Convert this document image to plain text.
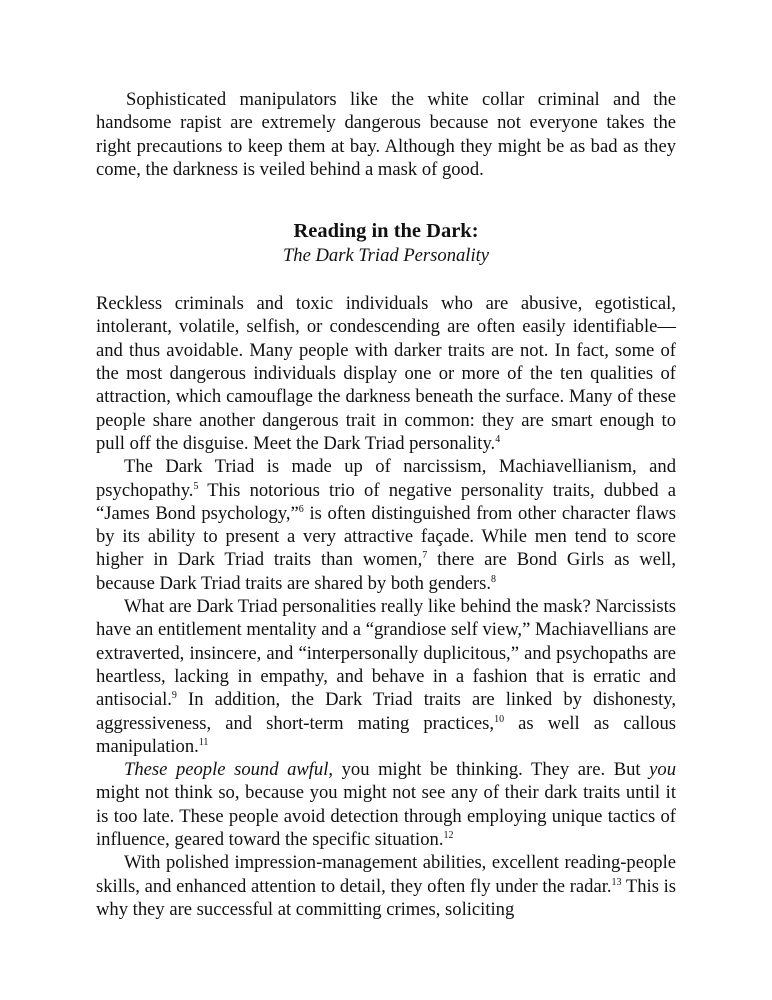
Sophisticated manipulators like the white collar criminal and the handsome rapist are extremely dangerous because not everyone takes the right precautions to keep them at bay. Although they might be as bad as they come, the darkness is veiled behind a mask of good.

Reading in the Dark:
The Dark Triad Personality

Reckless criminals and toxic individuals who are abusive, egotistical, intolerant, volatile, selfish, or condescending are often easily identifiable—and thus avoidable. Many people with darker traits are not. In fact, some of the most dangerous individuals display one or more of the ten qualities of attraction, which camouflage the darkness beneath the surface. Many of these people share another dangerous trait in common: they are smart enough to pull off the disguise. Meet the Dark Triad personality.$^4$

The Dark Triad is made up of narcissism, Machiavellianism, and psychopathy.$^5$ This notorious trio of negative personality traits, dubbed a “James Bond psychology,”$^6$ is often distinguished from other character flaws by its ability to present a very attractive façade. While men tend to score higher in Dark Triad traits than women,$^7$ there are Bond Girls as well, because Dark Triad traits are shared by both genders.$^8$

What are Dark Triad personalities really like behind the mask? Narcissists have an entitlement mentality and a “grandiose self view,” Machiavellians are extraverted, insincere, and “interpersonally duplicitous,” and psychopaths are heartless, lacking in empathy, and behave in a fashion that is erratic and antisocial.$^9$ In addition, the Dark Triad traits are linked by dishonesty, aggressiveness, and short-term mating practices,$^{10}$ as well as callous manipulation.$^{11}$

These people sound awful, you might be thinking. They are. But you might not think so, because you might not see any of their dark traits until it is too late. These people avoid detection through employing unique tactics of influence, geared toward the specific situation.$^{12}$

With polished impression-management abilities, excellent reading-people skills, and enhanced attention to detail, they often fly under the radar.$^{13}$ This is why they are successful at committing crimes, soliciting
